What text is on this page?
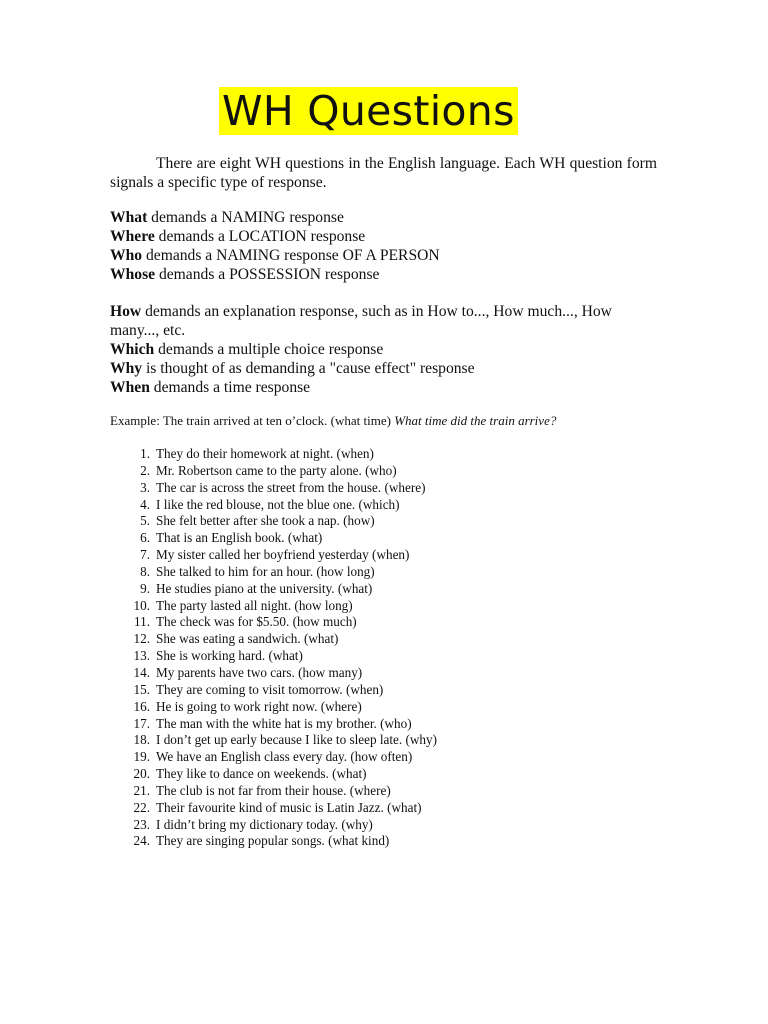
WH Questions

There are eight WH questions in the English language. Each WH question form signals a specific type of response.

What demands a NAMING response
Where demands a LOCATION response
Who demands a NAMING response OF A PERSON
Whose demands a POSSESSION response
How demands an explanation response, such as in How to..., How much..., How many..., etc.
Which demands a multiple choice response
Why is thought of as demanding a "cause effect" response
When demands a time response
Example: The train arrived at ten o’clock. (what time) What time did the train arrive?
1. They do their homework at night. (when)
2. Mr. Robertson came to the party alone. (who)
3. The car is across the street from the house. (where)
4. I like the red blouse, not the blue one. (which)
5. She felt better after she took a nap. (how)
6. That is an English book. (what)
7. My sister called her boyfriend yesterday (when)
8. She talked to him for an hour. (how long)
9. He studies piano at the university. (what)
10. The party lasted all night. (how long)
11. The check was for $5.50. (how much)
12. She was eating a sandwich. (what)
13. She is working hard. (what)
14. My parents have two cars. (how many)
15. They are coming to visit tomorrow. (when)
16. He is going to work right now. (where)
17. The man with the white hat is my brother. (who)
18. I don’t get up early because I like to sleep late. (why)
19. We have an English class every day. (how often)
20. They like to dance on weekends. (what)
21. The club is not far from their house. (where)
22. Their favourite kind of music is Latin Jazz. (what)
23. I didn’t bring my dictionary today. (why)
24. They are singing popular songs. (what kind)
